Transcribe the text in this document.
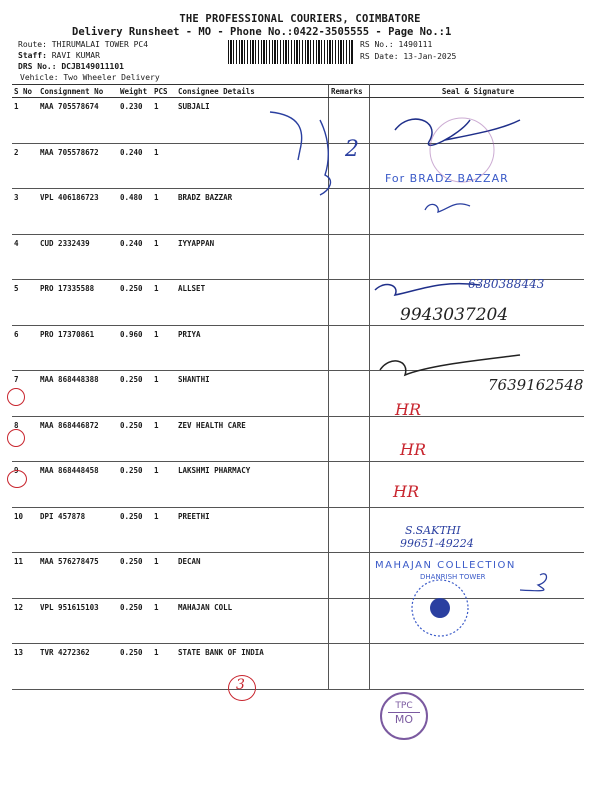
THE PROFESSIONAL COURIERS, COIMBATORE
Delivery Runsheet - MO - Phone No.:0422-3505555 - Page No.:1
Route: THIRUMALAI TOWER PC4
Staff: RAVI KUMAR
DRS No.: DCJB149011101
Vehicle: Two Wheeler Delivery
RS No.: 1490111
RS Date: 13-Jan-2025
S No	Consignment No	Weight	PCS	Consignee Details	Remarks	Seal & Signature
1	MAA 705578674	0.230	1	SUBJALI		
2	MAA 705578672	0.240	1			
3	VPL 406186723	0.480	1	BRADZ BAZZAR		
4	CUD 2332439	0.240	1	IYYAPPAN		
5	PRO 17335588	0.250	1	ALLSET		
6	PRO 17370861	0.960	1	PRIYA		
7	MAA 868448388	0.250	1	SHANTHI		
8	MAA 868446872	0.250	1	ZEV HEALTH CARE		
9	MAA 868448458	0.250	1	LAKSHMI PHARMACY		
10	DPI 457878	0.250	1	PREETHI		
11	MAA 576278475	0.250	1	DECAN		
12	VPL 951615103	0.250	1	MAHAJAN COLL		
13	TVR 4272362	0.250	1	STATE BANK OF INDIA		
2
For BRADZ BAZZAR
6380388443
9943037204
7639162548
HR
HR
HR
S.SAKTHI
99651-49224
MAHAJAN COLLECTION
DHANRISH TOWER
3
TPC
MO
